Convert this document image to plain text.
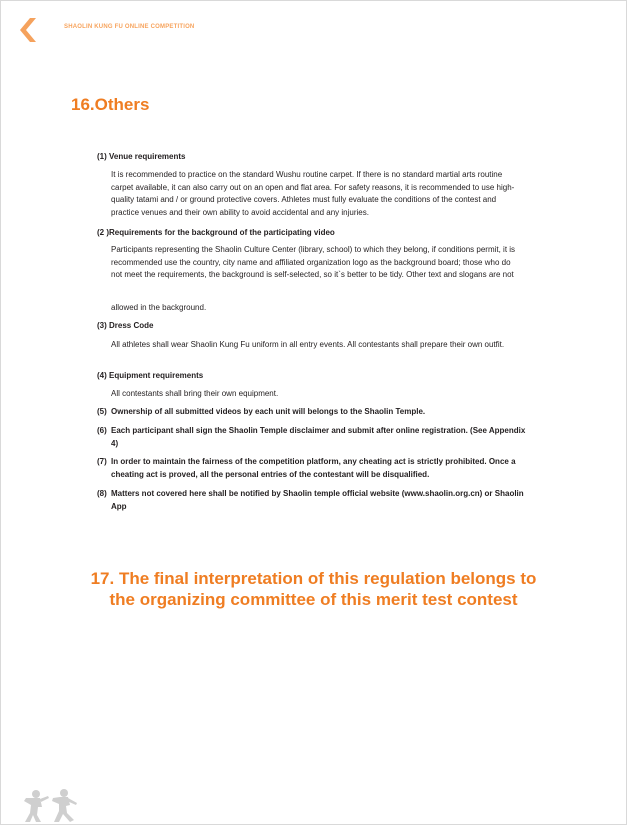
SHAOLIN KUNG FU ONLINE COMPETITION
16.Others
(1) Venue requirements
It is recommended to practice on the standard Wushu routine carpet. If there is no standard martial arts routine carpet available, it can also carry out on an open and flat area. For safety reasons, it is recommended to use high-quality tatami and / or ground protective covers. Athletes must fully evaluate the conditions of the contest and practice venues and their own ability to avoid accidental and any injuries.
(2 )Requirements for the background of the participating video
Participants representing the Shaolin Culture Center (library, school) to which they belong, if conditions permit, it is recommended use the country, city name and affiliated organization logo as the background board; those who do not meet the requirements, the background is self-selected, so it`s better to be tidy. Other text and slogans are not
allowed in the background.
(3) Dress Code
All athletes shall wear Shaolin Kung Fu uniform in all entry events. All contestants shall prepare their own outfit.
(4) Equipment requirements
All contestants shall bring their own equipment.
(5) Ownership of all submitted videos by each unit will belongs to the Shaolin Temple.
(6) Each participant shall sign the Shaolin Temple disclaimer and submit after online registration. (See Appendix 4)
(7) In order to maintain the fairness of the competition platform, any cheating act is strictly prohibited. Once a cheating act is proved, all the personal entries of the contestant will be disqualified.
(8) Matters not covered here shall be notified by Shaolin temple official website (www.shaolin.org.cn) or Shaolin App
17. The final interpretation of this regulation belongs to
the organizing committee of this merit test contest
